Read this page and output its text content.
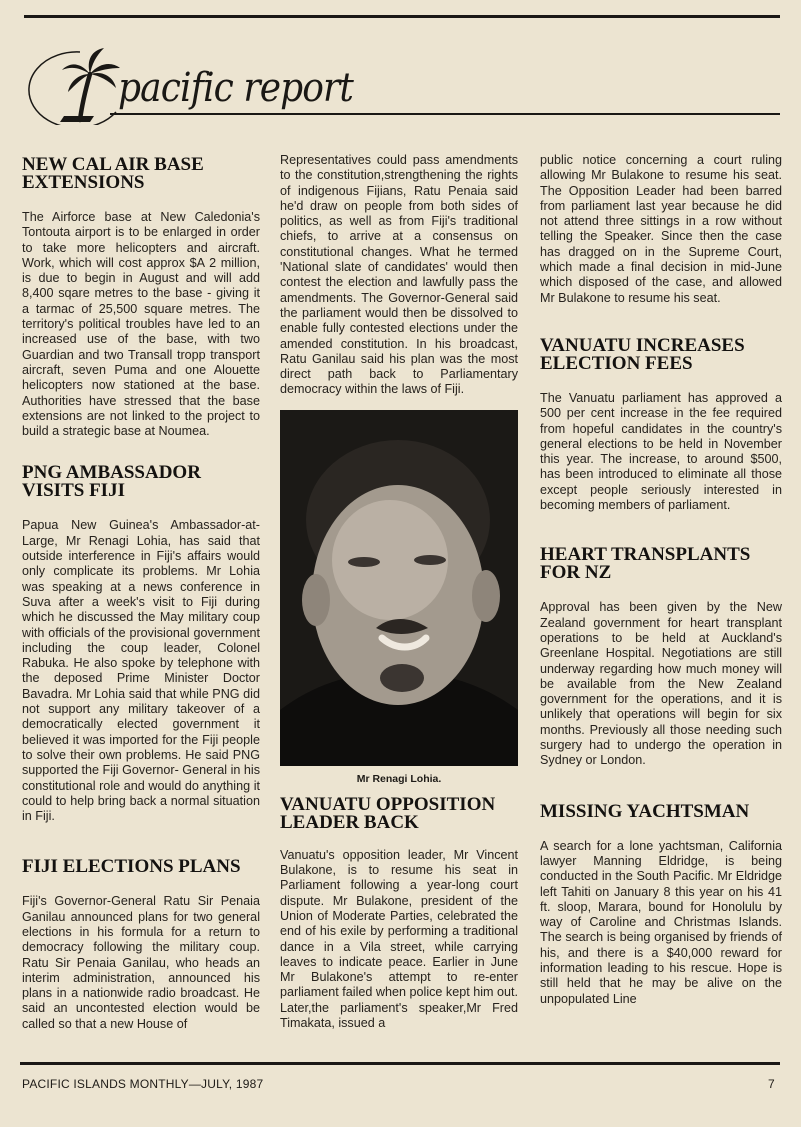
pacific report
NEW CAL AIR BASE EXTENSIONS

The Airforce base at New Caledonia's Tontouta airport is to be enlarged in order to take more helicopters and aircraft. Work, which will cost approx $A 2 million, is due to begin in August and will add 8,400 sqare metres to the base - giving it a tarmac of 25,500 square metres. The territory's political troubles have led to an increased use of the base, with two Guardian and two Transall tropp transport aircraft, seven Puma and one Alouette helicopters now stationed at the base. Authorities have stressed that the base extensions are not linked to the project to build a strategic base at Noumea.

PNG AMBASSADOR VISITS FIJI

Papua New Guinea's Ambassador-at-Large, Mr Renagi Lohia, has said that outside interference in Fiji's affairs would only complicate its problems. Mr Lohia was speaking at a news conference in Suva after a week's visit to Fiji during which he discussed the May military coup with officials of the provisional government including the coup leader, Colonel Rabuka. He also spoke by telephone with the deposed Prime Minister Doctor Bavadra. Mr Lohia said that while PNG did not support any military takeover of a democratically elected government it believed it was imported for the Fiji people to solve their own problems. He said PNG supported the Fiji Governor- General in his constitutional role and would do anything it could to help bring back a normal situation in Fiji.

FIJI ELECTIONS PLANS

Fiji's Governor-General Ratu Sir Penaia Ganilau announced plans for two general elections in his formula for a return to democracy following the military coup. Ratu Sir Penaia Ganilau, who heads an interim administration, announced his plans in a nationwide radio broadcast. He said an uncontested election would be called so that a new House of

Representatives could pass amendments to the constitution,strengthening the rights of indigenous Fijians, Ratu Penaia said he'd draw on people from both sides of politics, as well as from Fiji's traditional chiefs, to arrive at a consensus on constitutional changes. What he termed 'National slate of candidates' would then contest the election and lawfully pass the amendments. The Governor-General said the parliament would then be dissolved to enable fully contested elections under the amended constitution. In his broadcast, Ratu Ganilau said his plan was the most direct path back to Parliamentary democracy within the laws of Fiji.

Mr Renagi Lohia.
VANUATU OPPOSITION LEADER BACK

Vanuatu's opposition leader, Mr Vincent Bulakone, is to resume his seat in Parliament following a year-long court dispute. Mr Bulakone, president of the Union of Moderate Parties, celebrated the end of his exile by performing a traditional dance in a Vila street, while carrying leaves to indicate peace. Earlier in June Mr Bulakone's attempt to re-enter parliament failed when police kept him out. Later,the parliament's speaker,Mr Fred Timakata, issued a

public notice concerning a court ruling allowing Mr Bulakone to resume his seat. The Opposition Leader had been barred from parliament last year because he did not attend three sittings in a row without telling the Speaker. Since then the case has dragged on in the Supreme Court, which made a final decision in mid-June which disposed of the case, and allowed Mr Bulakone to resume his seat.

VANUATU INCREASES ELECTION FEES

The Vanuatu parliament has approved a 500 per cent increase in the fee required from hopeful candidates in the country's general elections to be held in November this year. The increase, to around $500, has been introduced to eliminate all those except people seriously interested in becoming members of parliament.

HEART TRANSPLANTS FOR NZ

Approval has been given by the New Zealand government for heart transplant operations to be held at Auckland's Greenlane Hospital. Negotiations are still underway regarding how much money will be available from the New Zealand government for the operations, and it is unlikely that operations will begin for six months. Previously all those needing such surgery had to undergo the operation in Sydney or London.

MISSING YACHTSMAN

A search for a lone yachtsman, California lawyer Manning Eldridge, is being conducted in the South Pacific. Mr Eldridge left Tahiti on January 8 this year on his 41 ft. sloop, Marara, bound for Honolulu by way of Caroline and Christmas Islands. The search is being organised by friends of his, and there is a $40,000 reward for information leading to his rescue. Hope is still held that he may be alive on the unpopulated Line

PACIFIC ISLANDS MONTHLY—JULY, 1987	7
